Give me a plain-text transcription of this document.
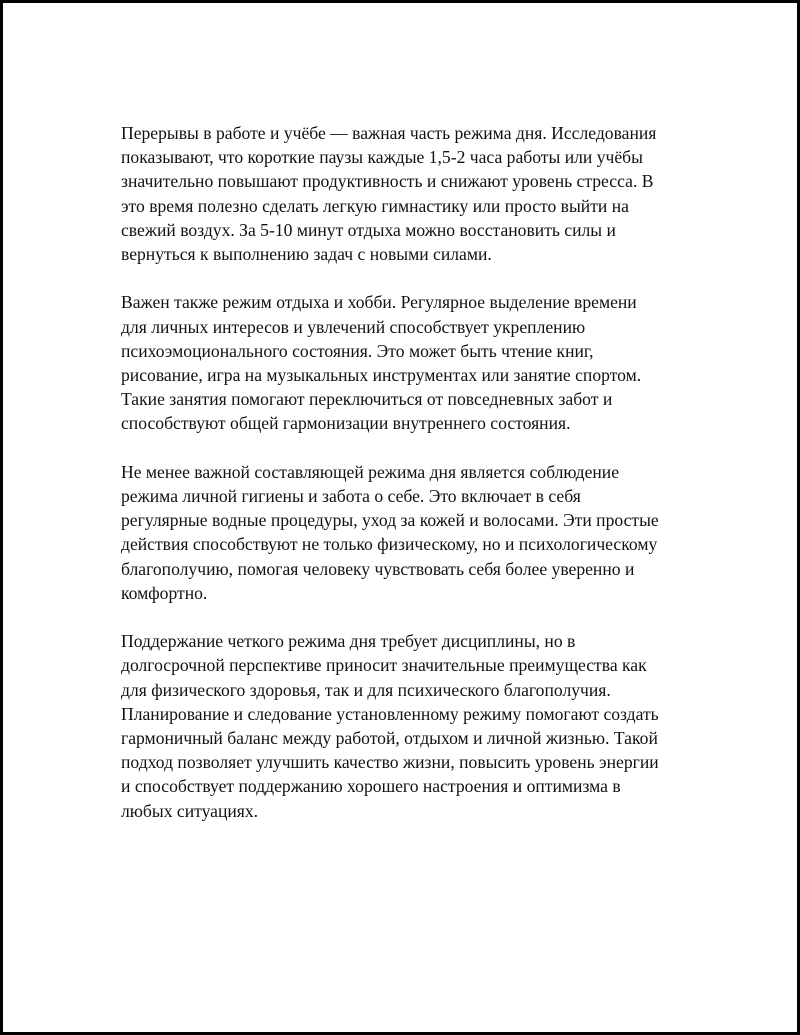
Перерывы в работе и учёбе — важная часть режима дня. Исследования
показывают, что короткие паузы каждые 1,5-2 часа работы или учёбы
значительно повышают продуктивность и снижают уровень стресса. В
это время полезно сделать легкую гимнастику или просто выйти на
свежий воздух. За 5-10 минут отдыха можно восстановить силы и
вернуться к выполнению задач с новыми силами.

Важен также режим отдыха и хобби. Регулярное выделение времени
для личных интересов и увлечений способствует укреплению
психоэмоционального состояния. Это может быть чтение книг,
рисование, игра на музыкальных инструментах или занятие спортом.
Такие занятия помогают переключиться от повседневных забот и
способствуют общей гармонизации внутреннего состояния.

Не менее важной составляющей режима дня является соблюдение
режима личной гигиены и забота о себе. Это включает в себя
регулярные водные процедуры, уход за кожей и волосами. Эти простые
действия способствуют не только физическому, но и психологическому
благополучию, помогая человеку чувствовать себя более уверенно и
комфортно.

Поддержание четкого режима дня требует дисциплины, но в
долгосрочной перспективе приносит значительные преимущества как
для физического здоровья, так и для психического благополучия.
Планирование и следование установленному режиму помогают создать
гармоничный баланс между работой, отдыхом и личной жизнью. Такой
подход позволяет улучшить качество жизни, повысить уровень энергии
и способствует поддержанию хорошего настроения и оптимизма в
любых ситуациях.
